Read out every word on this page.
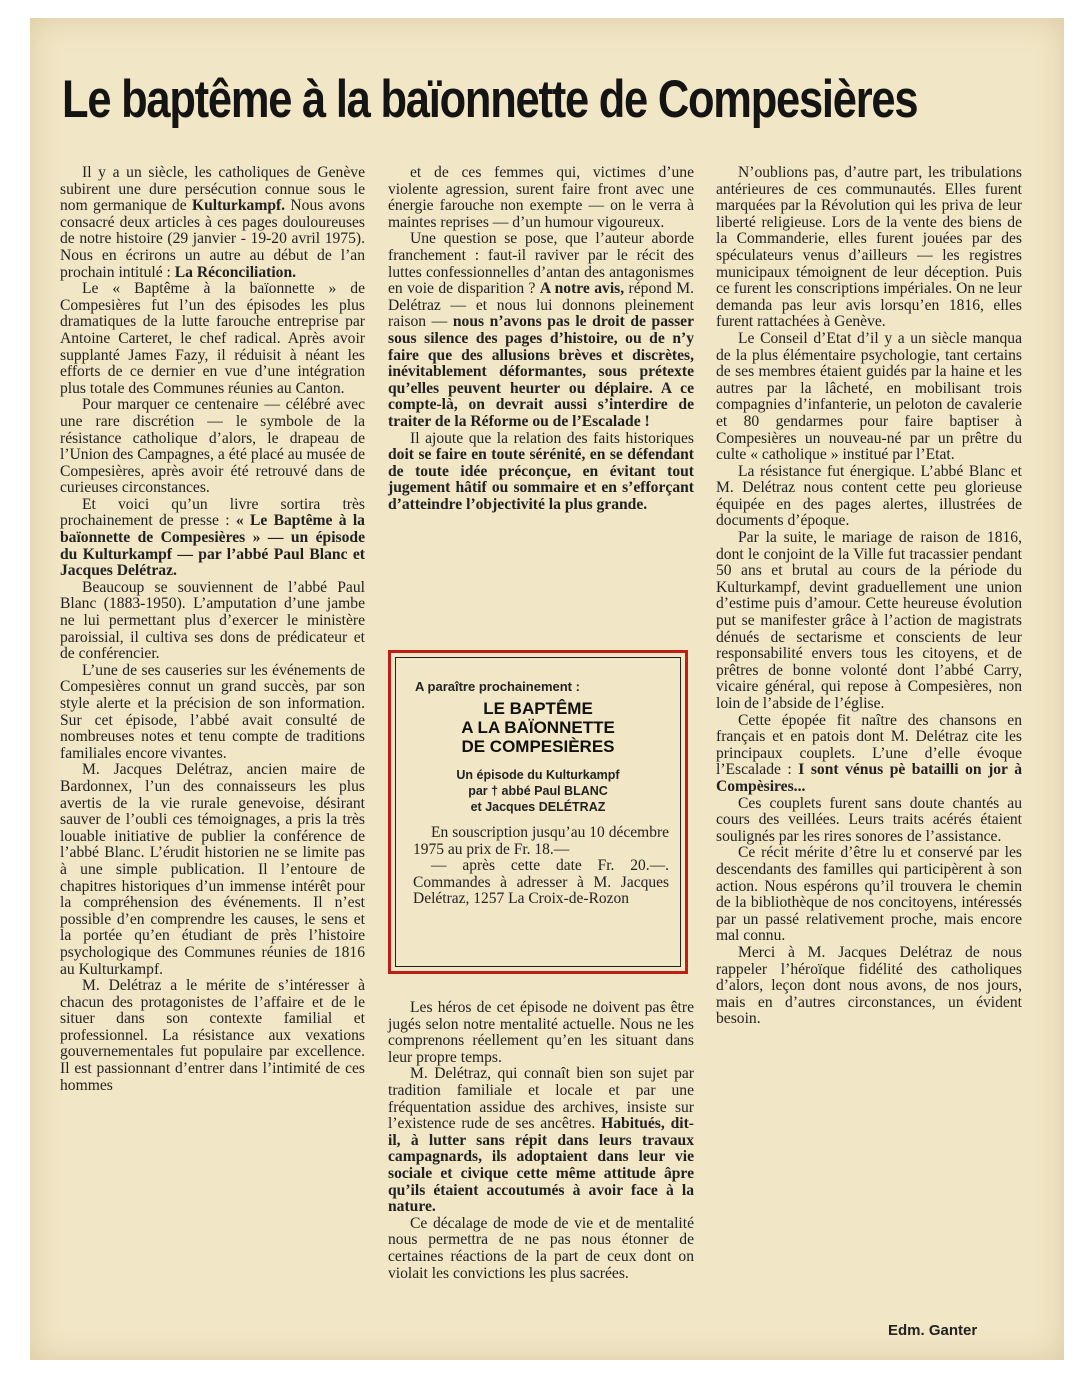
Le baptême à la baïonnette de Compesières

Il y a un siècle, les catholiques de Genève subirent une dure persécution connue sous le nom germanique de Kulturkampf. Nous avons consacré deux articles à ces pages douloureuses de notre histoire (29 janvier - 19-20 avril 1975). Nous en écrirons un autre au début de l’an prochain intitulé : La Réconciliation.

Le « Baptême à la baïonnette » de Compesières fut l’un des épisodes les plus dramatiques de la lutte farouche entreprise par Antoine Carteret, le chef radical. Après avoir supplanté James Fazy, il réduisit à néant les efforts de ce dernier en vue d’une intégration plus totale des Communes réunies au Canton.

Pour marquer ce centenaire — célébré avec une rare discrétion — le symbole de la résistance catholique d’alors, le drapeau de l’Union des Campagnes, a été placé au musée de Compesières, après avoir été retrouvé dans de curieuses circonstances.

Et voici qu’un livre sortira très prochainement de presse : « Le Baptême à la baïonnette de Compesières » — un épisode du Kulturkampf — par l’abbé Paul Blanc et Jacques Delétraz.

Beaucoup se souviennent de l’abbé Paul Blanc (1883-1950). L’amputation d’une jambe ne lui permettant plus d’exercer le ministère paroissial, il cultiva ses dons de prédicateur et de conférencier.

L’une de ses causeries sur les événements de Compesières connut un grand succès, par son style alerte et la précision de son information. Sur cet épisode, l’abbé avait consulté de nombreuses notes et tenu compte de traditions familiales encore vivantes.

M. Jacques Delétraz, ancien maire de Bardonnex, l’un des connaisseurs les plus avertis de la vie rurale genevoise, désirant sauver de l’oubli ces témoignages, a pris la très louable initiative de publier la conférence de l’abbé Blanc. L’érudit historien ne se limite pas à une simple publication. Il l’entoure de chapitres historiques d’un immense intérêt pour la compréhension des événements. Il n’est possible d’en comprendre les causes, le sens et la portée qu’en étudiant de près l’histoire psychologique des Communes réunies de 1816 au Kulturkampf.

M. Delétraz a le mérite de s’intéresser à chacun des protagonistes de l’affaire et de le situer dans son contexte familial et professionnel. La résistance aux vexations gouvernementales fut populaire par excellence. Il est passionnant d’entrer dans l’intimité de ces hommes

et de ces femmes qui, victimes d’une violente agression, surent faire front avec une énergie farouche non exempte — on le verra à maintes reprises — d’un humour vigoureux.

Une question se pose, que l’auteur aborde franchement : faut-il raviver par le récit des luttes confessionnelles d’antan des antagonismes en voie de disparition ? A notre avis, répond M. Delétraz — et nous lui donnons pleinement raison — nous n’avons pas le droit de passer sous silence des pages d’histoire, ou de n’y faire que des allusions brèves et discrètes, inévitablement déformantes, sous prétexte qu’elles peuvent heurter ou déplaire. A ce compte-là, on devrait aussi s’interdire de traiter de la Réforme ou de l’Escalade !

Il ajoute que la relation des faits historiques doit se faire en toute sérénité, en se défendant de toute idée préconçue, en évitant tout jugement hâtif ou sommaire et en s’efforçant d’atteindre l’objectivité la plus grande.

A paraître prochainement :
LE BAPTÊME
A LA BAÏONNETTE
DE COMPESIÈRES
Un épisode du Kulturkampf
par † abbé Paul BLANC
et Jacques DELÉTRAZ

En souscription jusqu’au 10 décembre 1975 au prix de Fr. 18.—

— après cette date Fr. 20.—. Commandes à adresser à M. Jacques Delétraz, 1257 La Croix-de-Rozon

Les héros de cet épisode ne doivent pas être jugés selon notre mentalité actuelle. Nous ne les comprenons réellement qu’en les situant dans leur propre temps.

M. Delétraz, qui connaît bien son sujet par tradition familiale et locale et par une fréquentation assidue des archives, insiste sur l’existence rude de ses ancêtres. Habitués, dit-il, à lutter sans répit dans leurs travaux campagnards, ils adoptaient dans leur vie sociale et civique cette même attitude âpre qu’ils étaient accoutumés à avoir face à la nature.

Ce décalage de mode de vie et de mentalité nous permettra de ne pas nous étonner de certaines réactions de la part de ceux dont on violait les convictions les plus sacrées.

N’oublions pas, d’autre part, les tribulations antérieures de ces communautés. Elles furent marquées par la Révolution qui les priva de leur liberté religieuse. Lors de la vente des biens de la Commanderie, elles furent jouées par des spéculateurs venus d’ailleurs — les registres municipaux témoignent de leur déception. Puis ce furent les conscriptions impériales. On ne leur demanda pas leur avis lorsqu’en 1816, elles furent rattachées à Genève.

Le Conseil d’Etat d’il y a un siècle manqua de la plus élémentaire psychologie, tant certains de ses membres étaient guidés par la haine et les autres par la lâcheté, en mobilisant trois compagnies d’infanterie, un peloton de cavalerie et 80 gendarmes pour faire baptiser à Compesières un nouveau-né par un prêtre du culte « catholique » institué par l’Etat.

La résistance fut énergique. L’abbé Blanc et M. Delétraz nous content cette peu glorieuse équipée en des pages alertes, illustrées de documents d’époque.

Par la suite, le mariage de raison de 1816, dont le conjoint de la Ville fut tracassier pendant 50 ans et brutal au cours de la période du Kulturkampf, devint graduellement une union d’estime puis d’amour. Cette heureuse évolution put se manifester grâce à l’action de magistrats dénués de sectarisme et conscients de leur responsabilité envers tous les citoyens, et de prêtres de bonne volonté dont l’abbé Carry, vicaire général, qui repose à Compesières, non loin de l’abside de l’église.

Cette épopée fit naître des chansons en français et en patois dont M. Delétraz cite les principaux couplets. L’une d’elle évoque l’Escalade : I sont vénus pè batailli on jor à Compèsires...

Ces couplets furent sans doute chantés au cours des veillées. Leurs traits acérés étaient soulignés par les rires sonores de l’assistance.

Ce récit mérite d’être lu et conservé par les descendants des familles qui participèrent à son action. Nous espérons qu’il trouvera le chemin de la bibliothèque de nos concitoyens, intéressés par un passé relativement proche, mais encore mal connu.

Merci à M. Jacques Delétraz de nous rappeler l’héroïque fidélité des catholiques d’alors, leçon dont nous avons, de nos jours, mais en d’autres circonstances, un évident besoin.

Edm. Ganter
